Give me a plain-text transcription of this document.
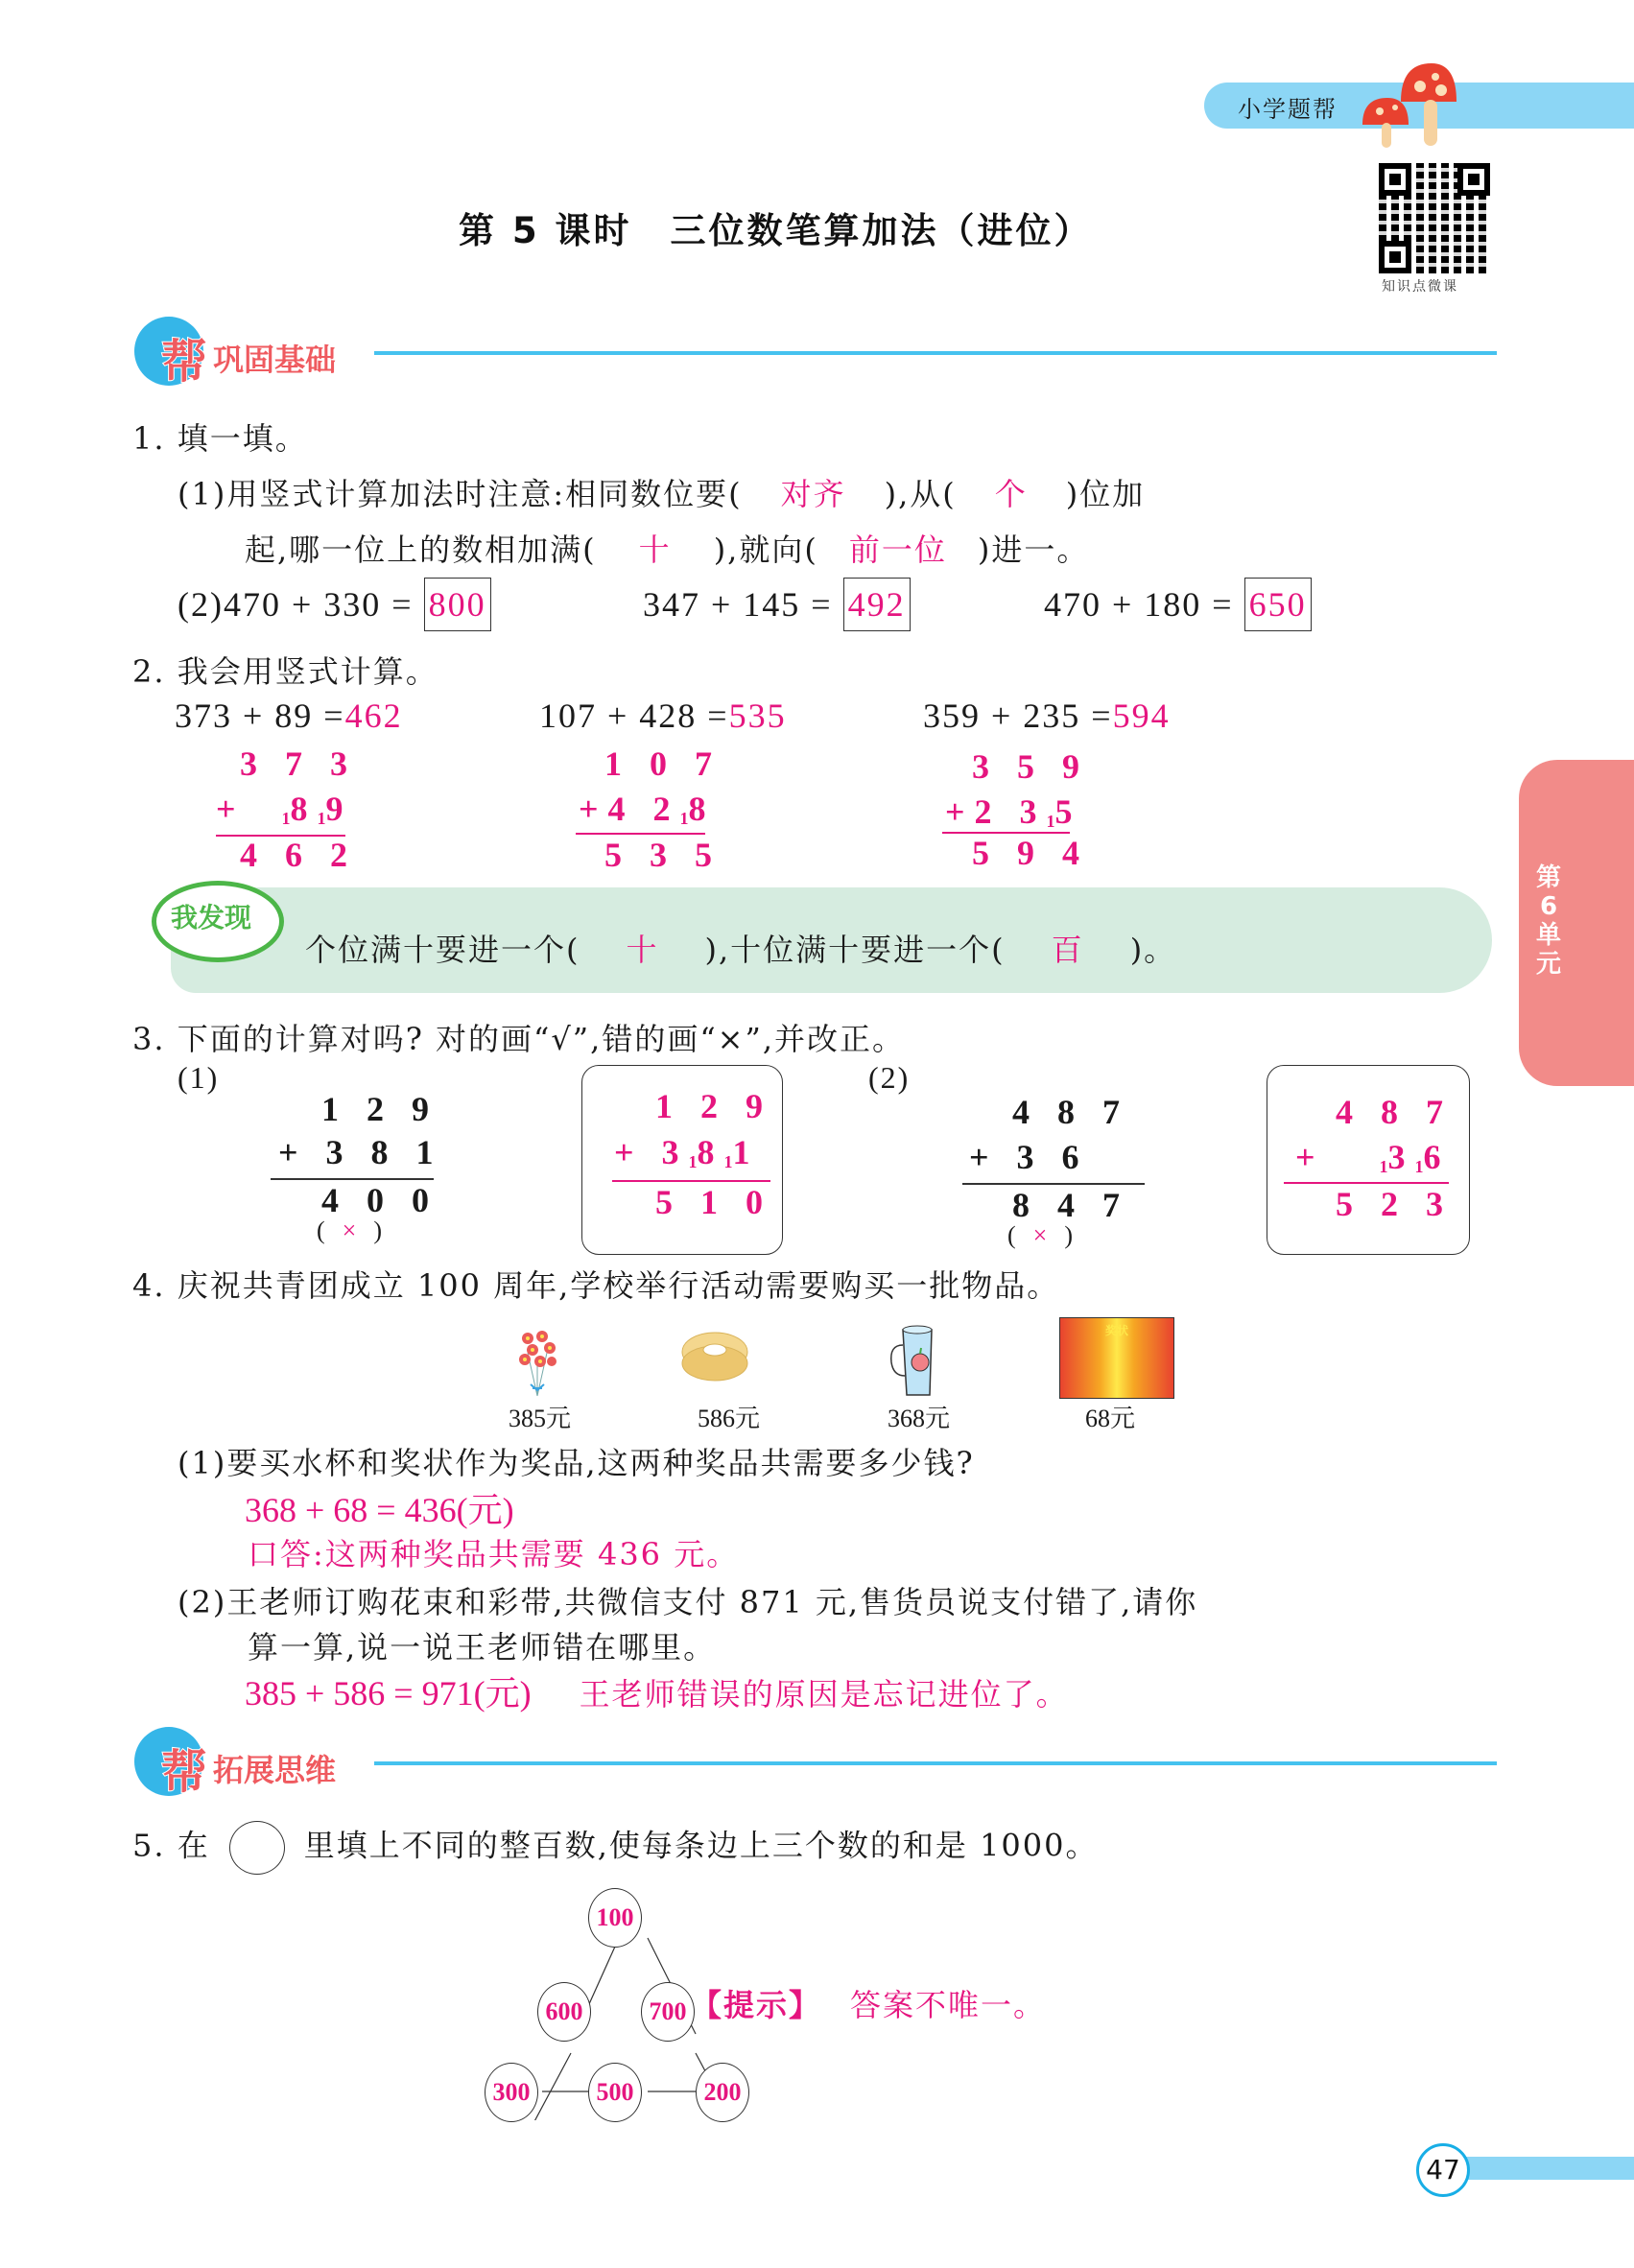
小学题帮
知识点微课
第 5 课时　三位数笔算加法（进位）
帮 巩固基础
1. 填一填。
(1)用竖式计算加法时注意:相同数位要( 对齐 ),从( 个 )位加
起,哪一位上的数相加满( 十 ),就向( 前一位 )进一。
(2)470 + 330 = 800	347 + 145 = 492	470 + 180 = 650
2. 我会用竖式计算。
373 + 89 =462	107 + 428 =535	359 + 235 =594
3 7 3
+ $_18_19$
4 6 2
1 0 7
+4 $2_18$
5 3 5
3 5 9
+2 $3_15$
5 9 4
我发现
个位满十要进一个( 十 ),十位满十要进一个( 百 )。
第
6
单
元
3. 下面的计算对吗? 对的画“√”,错的画“×”,并改正。
(1)
1 2 9
+ 3 8 1
4 0 0
(×)
1 2 9
+ $3_18_11$
5 1 0
(2)
4 8 7
+ 3 6
8 4 7
(×)
4 8 7
+	$_13_16$
5 2 3
4. 庆祝共青团成立 100 周年,学校举行活动需要购买一批物品。
奖状
385元	586元	368元	68元
(1)要买水杯和奖状作为奖品,这两种奖品共需要多少钱?
368 + 68 = 436(元)
口答:这两种奖品共需要 436 元。
(2)王老师订购花束和彩带,共微信支付 871 元,售货员说支付错了,请你
算一算,说一说王老师错在哪里。
385 + 586 = 971(元) 王老师错误的原因是忘记进位了。
帮 拓展思维
5. 在	里填上不同的整百数,使每条边上三个数的和是 1000。
100
600	700
300	500	200
【提示】 答案不唯一。
47
